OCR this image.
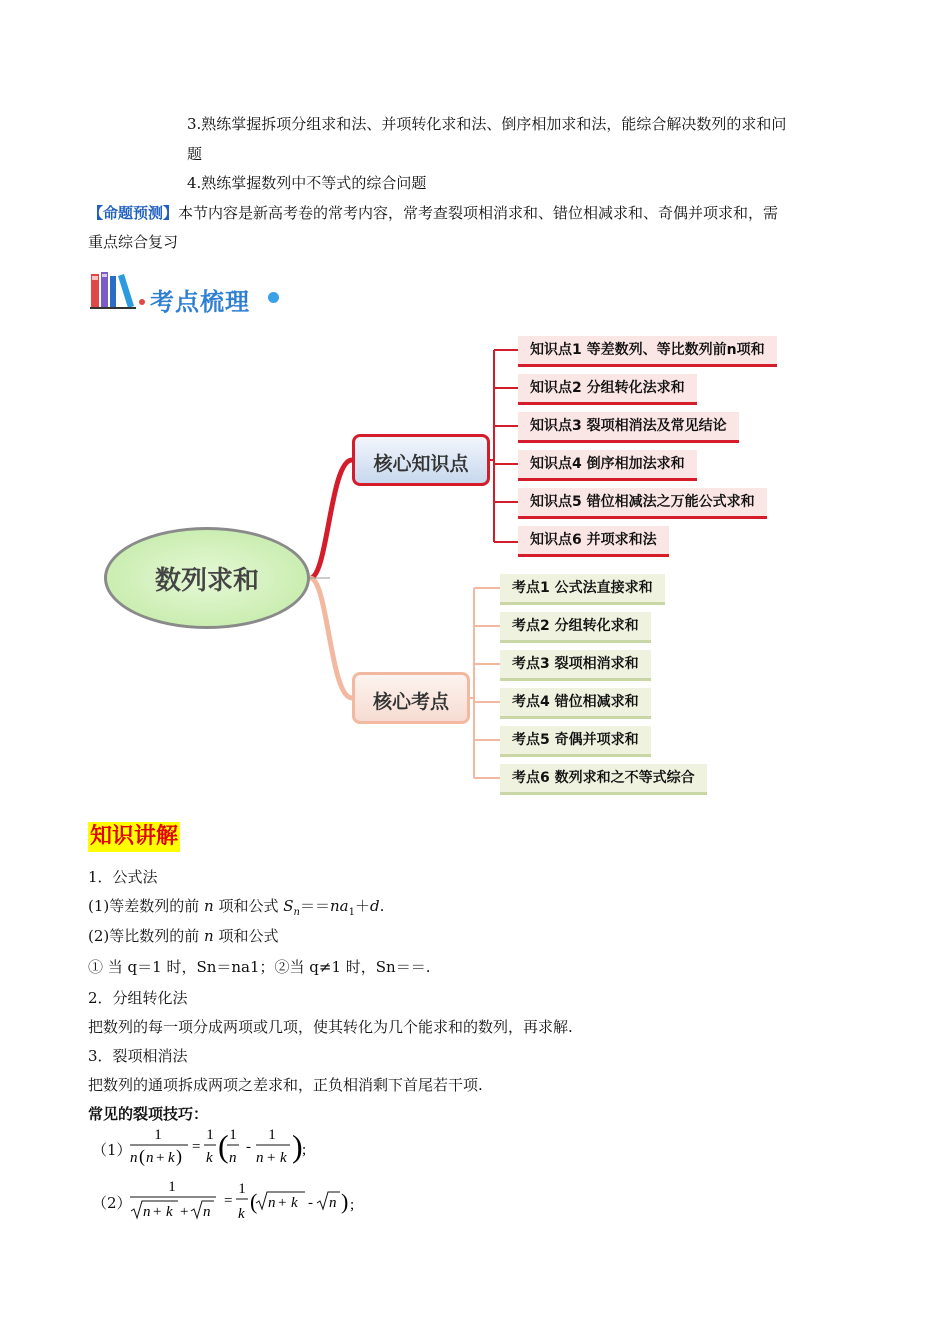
3.熟练掌握拆项分组求和法、并项转化求和法、倒序相加求和法，能综合解决数列的求和问
题
4.熟练掌握数列中不等式的综合问题
【命题预测】本节内容是新高考卷的常考内容，常考查裂项相消求和、错位相减求和、奇偶并项求和，需
重点综合复习
考点梳理
数列求和
核心知识点
知识点1 等差数列、等比数列前n项和
知识点2 分组转化法求和
知识点3 裂项相消法及常见结论
知识点4 倒序相加法求和
知识点5 错位相减法之万能公式求和
知识点6 并项求和法
核心考点
考点1 公式法直接求和
考点2 分组转化求和
考点3 裂项相消求和
考点4 错位相减求和
考点5 奇偶并项求和
考点6 数列求和之不等式综合
知识讲解
1．公式法
(1)等差数列的前 n 项和公式 $S_n==na_1+d$.
(2)等比数列的前 n 项和公式
① 当 q＝1 时，Sn＝na1；②当 q≠1 时，Sn＝＝.
2．分组转化法
把数列的每一项分成两项或几项，使其转化为几个能求和的数列，再求解.
3．裂项相消法
把数列的通项拆成两项之差求和，正负相消剩下首尾若干项.
常见的裂项技巧：
（1）
1
n ( n + k ) =
1
k ( 1
n
-
1
n + k ) ;
（2）
1
n + k + n
=
1
k ( n + k - n ) ;
